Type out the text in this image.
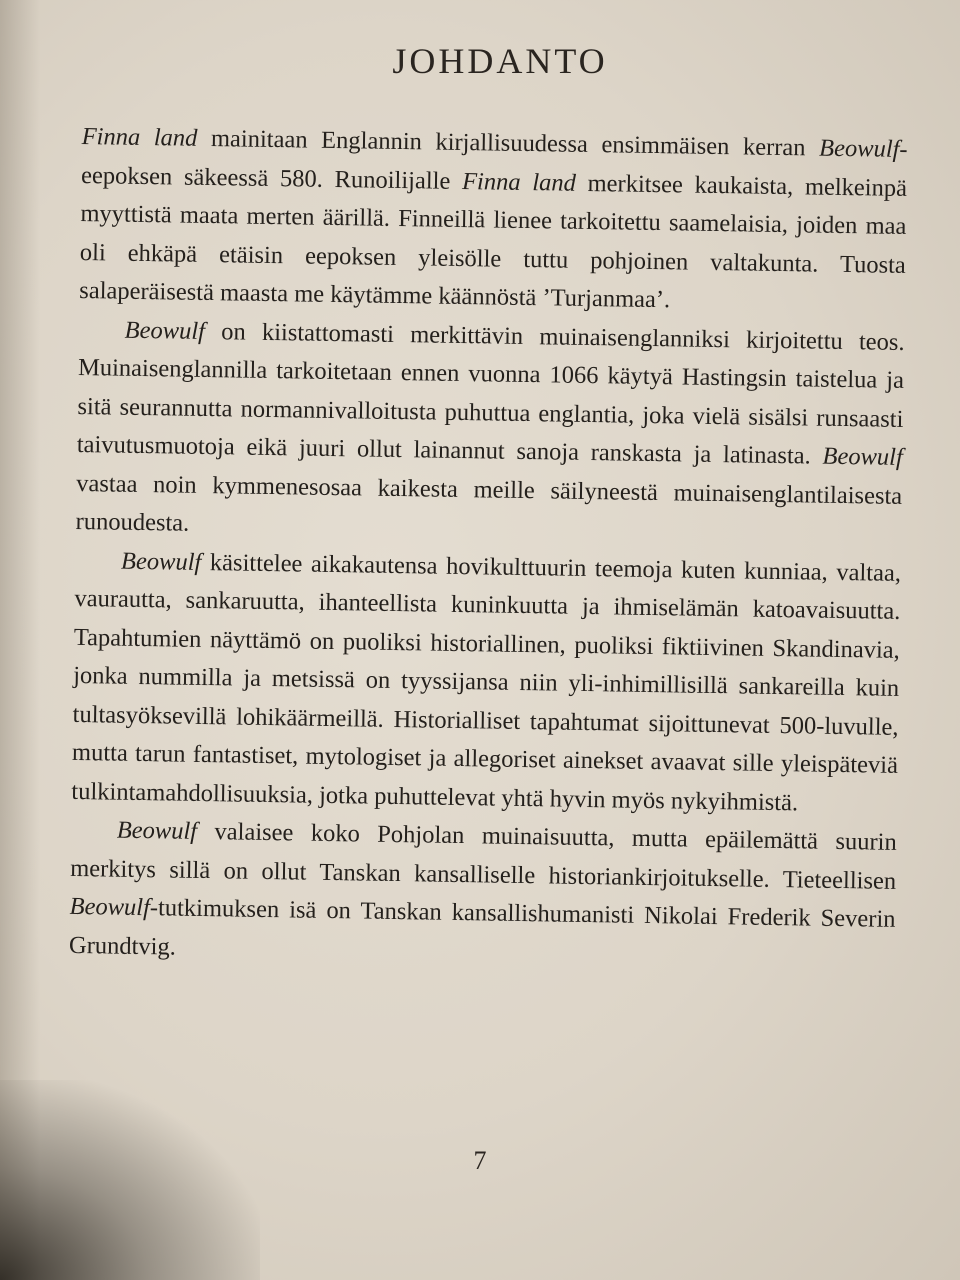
JOHDANTO

Finna land mainitaan Englannin kirjallisuudessa ensimmäisen kerran Beowulf-eepoksen säkeessä 580. Runoilijalle Finna land merkitsee kaukaista, melkeinpä myyttistä maata merten äärillä. Finneillä lienee tarkoitettu saamelaisia, joiden maa oli ehkäpä etäisin eepoksen yleisölle tuttu pohjoinen valtakunta. Tuosta salaperäisestä maasta me käytämme käännöstä ’Turjanmaa’.

Beowulf on kiistattomasti merkittävin muinaisenglanniksi kirjoitettu teos. Muinaisenglannilla tarkoitetaan ennen vuonna 1066 käytyä Hastingsin taistelua ja sitä seurannutta normannivalloitusta puhuttua englantia, joka vielä sisälsi runsaasti taivutusmuotoja eikä juuri ollut lainannut sanoja ranskasta ja latinasta. Beowulf vastaa noin kymmenesosaa kaikesta meille säilyneestä muinaisenglantilaisesta runoudesta.

Beowulf käsittelee aikakautensa hovikulttuurin teemoja kuten kunniaa, valtaa, vaurautta, sankaruutta, ihanteellista kuninkuutta ja ihmiselämän katoavaisuutta. Tapahtumien näyttämö on puoliksi historiallinen, puoliksi fiktiivinen Skandinavia, jonka nummilla ja metsissä on tyyssijansa niin yli-inhimillisillä sankareilla kuin tultasyöksevillä lohikäärmeillä. Historialliset tapahtumat sijoittunevat 500-luvulle, mutta tarun fantastiset, mytologiset ja allegoriset ainekset avaavat sille yleispäteviä tulkintamahdollisuuksia, jotka puhuttelevat yhtä hyvin myös nykyihmistä.

Beowulf valaisee koko Pohjolan muinaisuutta, mutta epäilemättä suurin merkitys sillä on ollut Tanskan kansalliselle historiankirjoitukselle. Tieteellisen Beowulf-tutkimuksen isä on Tanskan kansallishumanisti Nikolai Frederik Severin Grundtvig.

7
